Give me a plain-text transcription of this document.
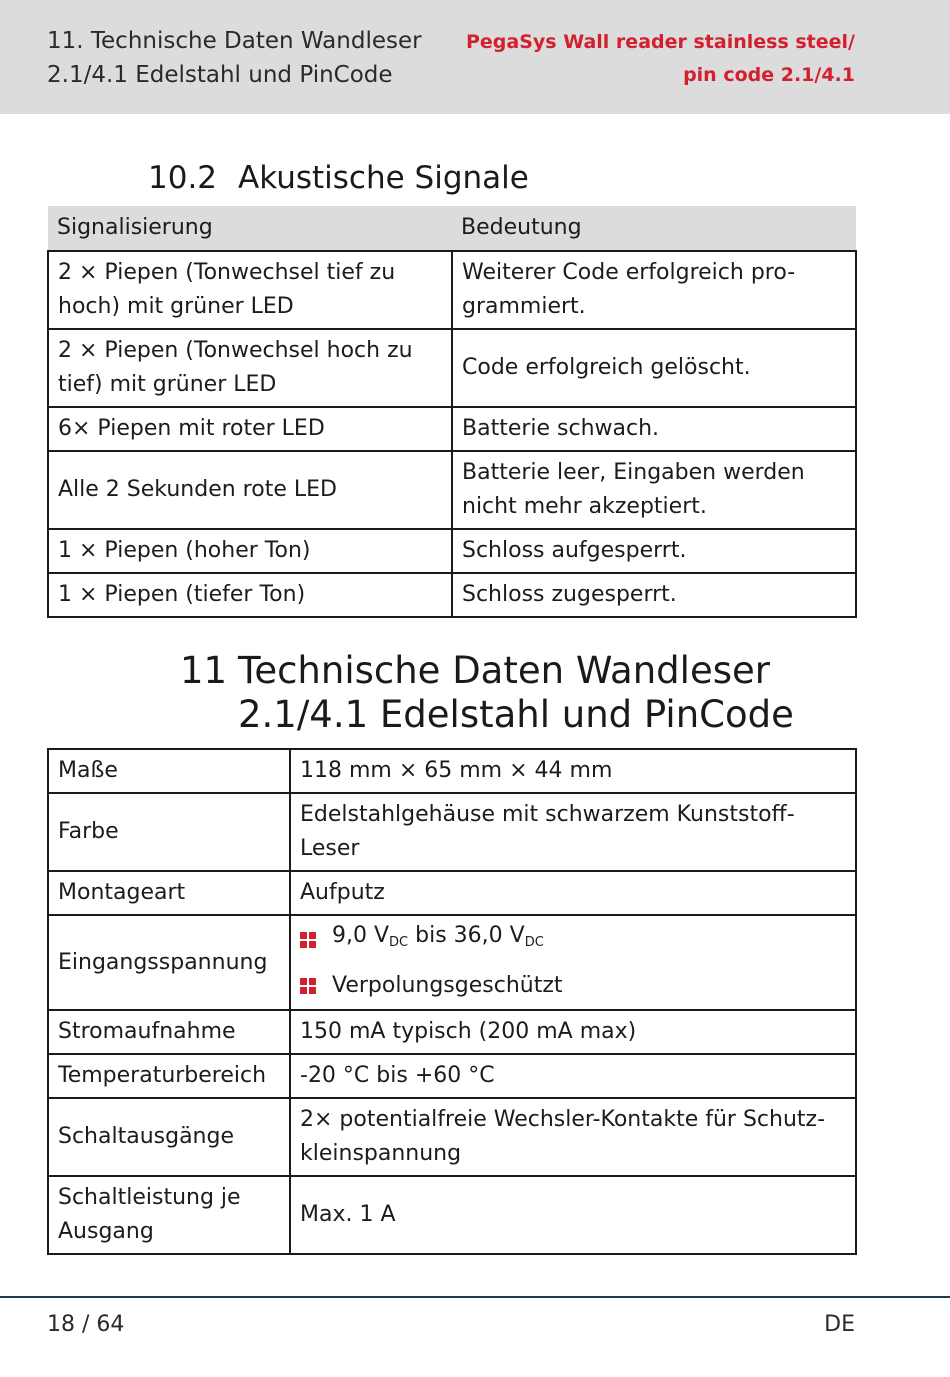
11. Technische Daten Wandleser
2.1/4.1 Edelstahl und PinCode
PegaSys Wall reader stainless steel/
pin code 2.1/4.1
10.2 Akustische Signale
Signalisierung	Bedeutung

2 × Piepen (Tonwechsel tief zu
hoch) mit grüner LED	Weiterer Code erfolgreich pro-
grammiert.

2 × Piepen (Tonwechsel hoch zu
tief) mit grüner LED	Code erfolgreich gelöscht.
6× Piepen mit roter LED	Batterie schwach.
Alle 2 Sekunden rote LED	Batterie leer, Eingaben werden
nicht mehr akzeptiert.

1 × Piepen (hoher Ton)	Schloss aufgesperrt.
1 × Piepen (tiefer Ton)	Schloss zugesperrt.
11 Technische Daten Wandleser
2.1/4.1 Edelstahl und PinCode
Maße	118 mm × 65 mm × 44 mm
Farbe	Edelstahlgehäuse mit schwarzem Kunststoff-
Leser

Montageart	Aufputz
Eingangsspannung	9,0 $V_{DC}$ bis 36,0 $V_{DC}$
Verpolungsgeschützt

Stromaufnahme	150 mA typisch (200 mA max)
Temperaturbereich	-20 °C bis +60 °C
Schaltausgänge	2× potentialfreie Wechsler-Kontakte für Schutz-
kleinspannung

Schaltleistung je
Ausgang	Max. 1 A
18 / 64	DE
